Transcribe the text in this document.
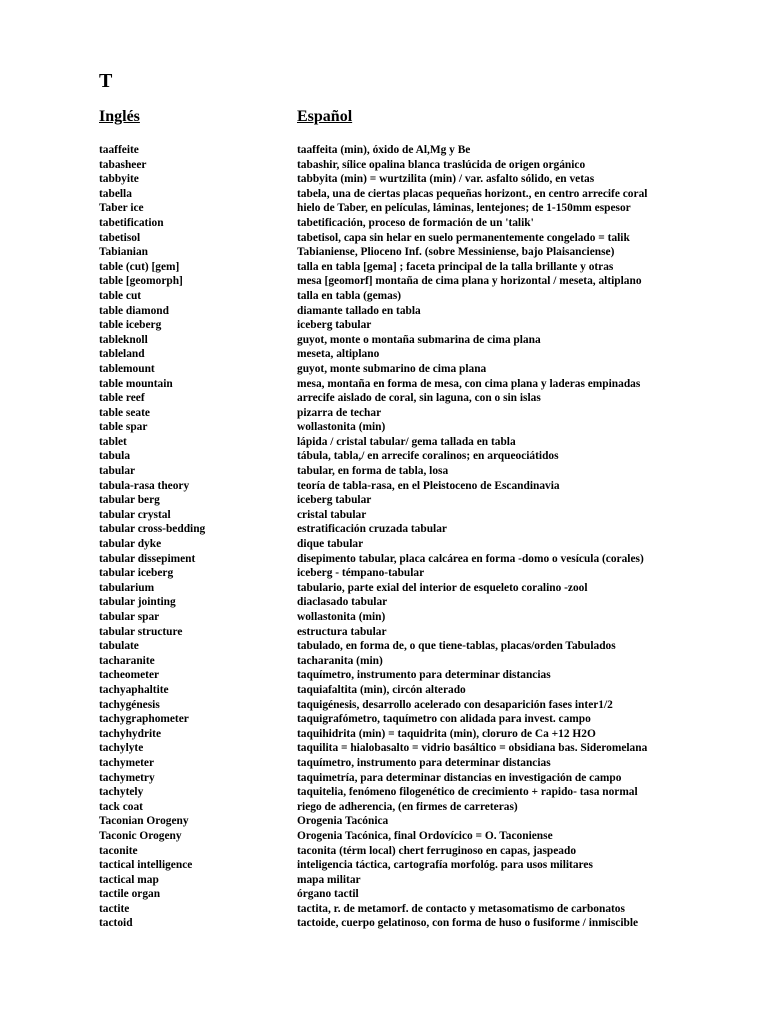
T
Inglés	Español
taaffeite	taaffeita (min), óxido de Al,Mg y Be
tabasheer	tabashir, sílice opalina blanca traslúcida de origen orgánico
tabbyite	tabbyita (min) = wurtzilita (min) / var. asfalto sólido, en vetas
tabella	tabela, una de ciertas placas pequeñas horizont., en centro arrecife coral
Taber ice	hielo de Taber, en películas, láminas, lentejones; de 1-150mm espesor
tabetification	tabetificación, proceso de formación de un 'talik'
tabetisol	tabetisol, capa sin helar en suelo permanentemente congelado = talik
Tabianian	Tabianiense, Plioceno Inf. (sobre Messiniense, bajo Plaisanciense)
table (cut) [gem]	talla en tabla [gema] ; faceta principal de la talla brillante y otras
table [geomorph]	mesa [geomorf] montaña de cima plana y horizontal / meseta, altiplano
table cut	talla en tabla (gemas)
table diamond	diamante tallado en tabla
table iceberg	iceberg tabular
tableknoll	guyot, monte o montaña submarina de cima plana
tableland	meseta, altiplano
tablemount	guyot, monte submarino de cima plana
table mountain	mesa, montaña en forma de mesa, con cima plana y laderas empinadas
table reef	arrecife aislado de coral, sin laguna, con o sin islas
table seate	pizarra de techar
table spar	wollastonita (min)
tablet	lápida / cristal tabular/ gema tallada en tabla
tabula	tábula, tabla,/ en arrecife coralinos; en arqueociátidos
tabular	tabular, en forma de tabla, losa
tabula-rasa theory	teoría de tabla-rasa, en el Pleistoceno de Escandinavia
tabular berg	iceberg tabular
tabular crystal	cristal tabular
tabular cross-bedding	estratificación cruzada tabular
tabular dyke	dique tabular
tabular dissepiment	disepimento tabular, placa calcárea en forma -domo o vesícula (corales)
tabular iceberg	iceberg - témpano-tabular
tabularium	tabulario, parte exial del interior de esqueleto coralino -zool
tabular jointing	diaclasado tabular
tabular spar	wollastonita (min)
tabular structure	estructura tabular
tabulate	tabulado, en forma de, o que tiene-tablas, placas/orden Tabulados
tacharanite	tacharanita (min)
tacheometer	taquímetro, instrumento para determinar distancias
tachyaphaltite	taquiafaltita (min), circón alterado
tachygénesis	taquigénesis, desarrollo acelerado con desaparición fases inter1/2
tachygraphometer	taquigrafómetro, taquímetro con alidada para invest. campo
tachyhydrite	taquihidrita (min) = taquidrita (min), cloruro de Ca +12 H2O
tachylyte	taquilita = hialobasalto = vidrio basáltico = obsidiana bas. Sideromelana
tachymeter	taquímetro, instrumento para determinar distancias
tachymetry	taquimetría, para determinar distancias en investigación de campo
tachytely	taquitelia, fenómeno filogenético de crecimiento + rapido- tasa normal
tack coat	riego de adherencia, (en firmes de carreteras)
Taconian Orogeny	Orogenia Tacónica
Taconic Orogeny	Orogenia Tacónica, final Ordovícico = O. Taconiense
taconite	taconita (térm local) chert ferruginoso en capas, jaspeado
tactical intelligence	inteligencia táctica, cartografía morfológ. para usos militares
tactical map	mapa militar
tactile organ	órgano tactil
tactite	tactita, r. de metamorf. de contacto y metasomatismo de carbonatos
tactoid	tactoide, cuerpo gelatinoso, con forma de huso o fusiforme / inmiscible
